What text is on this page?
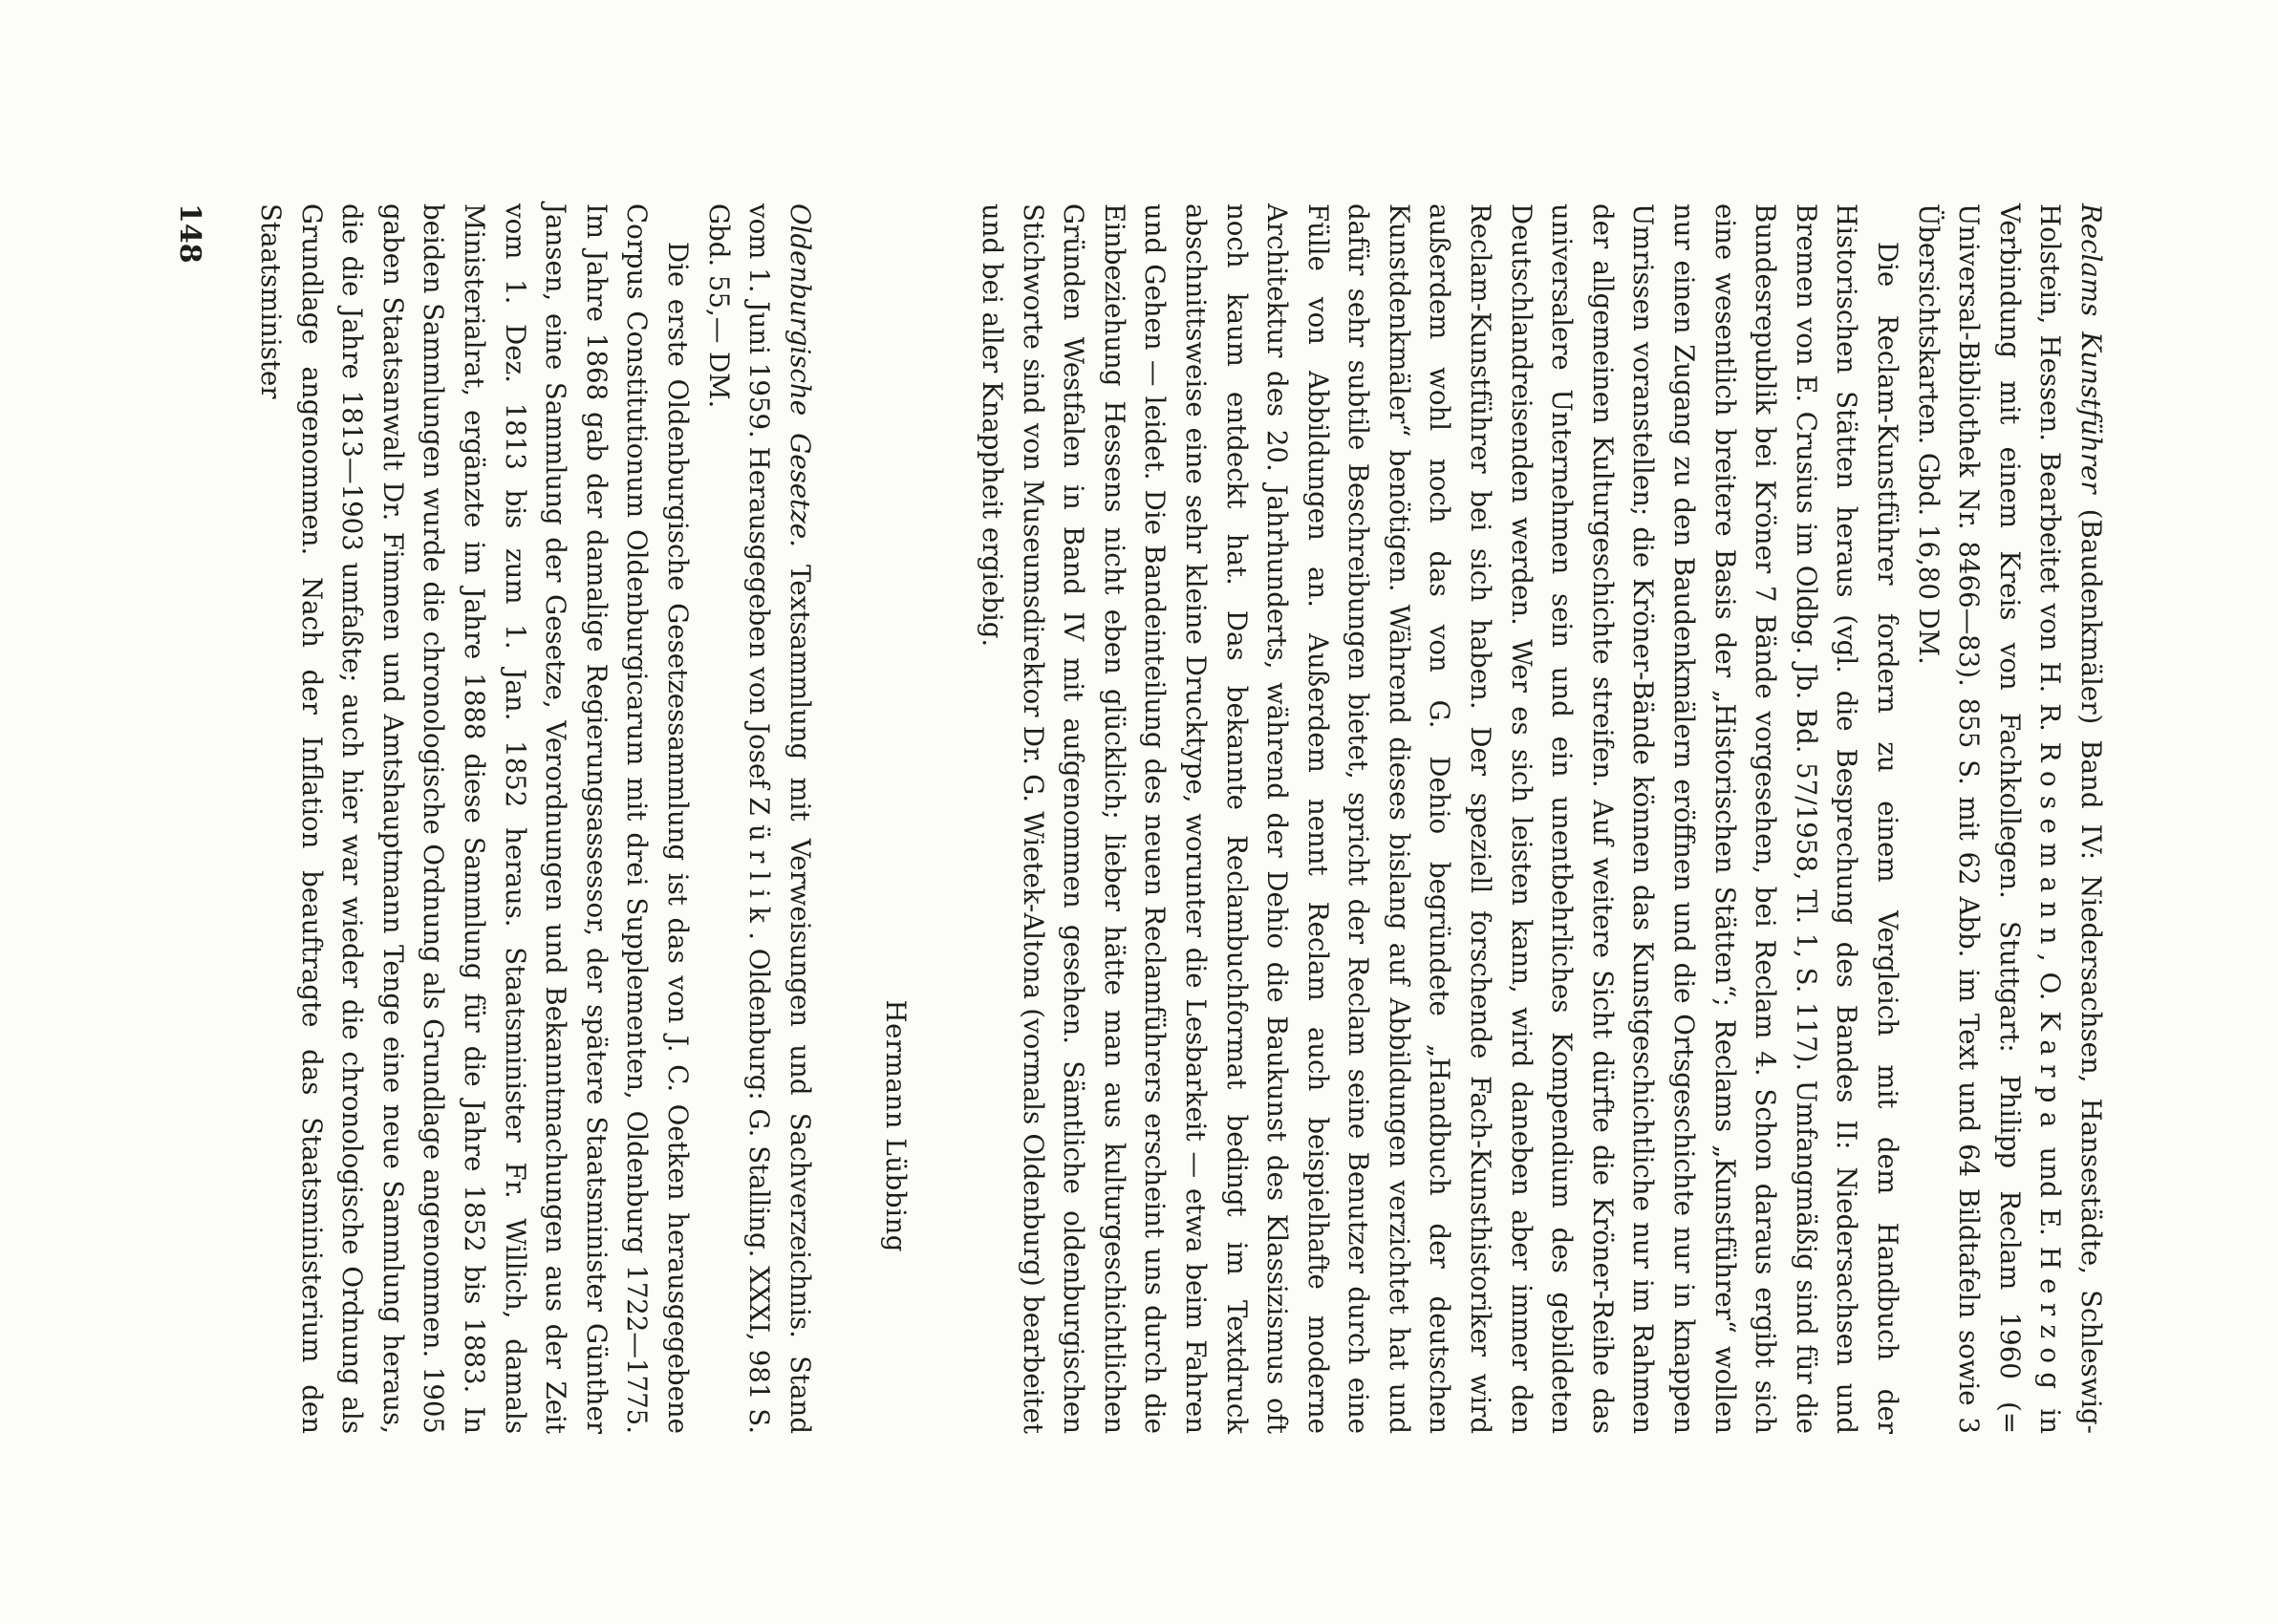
Reclams Kunstführer (Baudenkmäler) Band IV: Niedersachsen, Hansestädte, Schleswig-Holstein, Hessen. Bearbeitet von H. R. Rosemann, O. Karpa und E. Herzog in Verbindung mit einem Kreis von Fachkollegen. Stuttgart: Philipp Reclam 1960 (= Universal-Bibliothek Nr. 8466—83). 855 S. mit 62 Abb. im Text und 64 Bildtafeln sowie 3 Übersichtskarten. Gbd. 16,80 DM.

Die Reclam-Kunstführer fordern zu einem Vergleich mit dem Handbuch der Historischen Stätten heraus (vgl. die Besprechung des Bandes II: Niedersachsen und Bremen von E. Crusius im Oldbg. Jb. Bd. 57/1958, Tl. 1, S. 117). Umfangmäßig sind für die Bundesrepublik bei Kröner 7 Bände vorgesehen, bei Reclam 4. Schon daraus ergibt sich eine wesentlich breitere Basis der „Historischen Stätten“; Reclams „Kunstführer“ wollen nur einen Zugang zu den Baudenkmälern eröffnen und die Ortsgeschichte nur in knappen Umrissen voranstellen; die Kröner-Bände können das Kunstgeschichtliche nur im Rahmen der allgemeinen Kulturgeschichte streifen. Auf weitere Sicht dürfte die Kröner-Reihe das universalere Unternehmen sein und ein unentbehrliches Kompendium des gebildeten Deutschlandreisenden werden. Wer es sich leisten kann, wird daneben aber immer den Reclam-Kunstführer bei sich haben. Der speziell forschende Fach-Kunsthistoriker wird außerdem wohl noch das von G. Dehio begründete „Handbuch der deutschen Kunstdenkmäler“ benötigen. Während dieses bislang auf Abbildungen verzichtet hat und dafür sehr subtile Beschreibungen bietet, spricht der Reclam seine Benutzer durch eine Fülle von Abbildungen an. Außerdem nennt Reclam auch beispielhafte moderne Architektur des 20. Jahrhunderts, während der Dehio die Baukunst des Klassizismus oft noch kaum entdeckt hat. Das bekannte Reclambuchformat bedingt im Textdruck abschnittsweise eine sehr kleine Drucktype, worunter die Lesbarkeit — etwa beim Fahren und Gehen — leidet. Die Bandeinteilung des neuen Reclamführers erscheint uns durch die Einbeziehung Hessens nicht eben glücklich; lieber hätte man aus kulturgeschichtlichen Gründen Westfalen in Band IV mit aufgenommen gesehen. Sämtliche oldenburgischen Stichworte sind von Museumsdirektor Dr. G. Wietek-Altona (vormals Oldenburg) bearbeitet und bei aller Knappheit ergiebig.

Hermann Lübbing

Oldenburgische Gesetze. Textsammlung mit Verweisungen und Sachverzeichnis. Stand vom 1. Juni 1959. Herausgegeben von Josef Zürlik. Oldenburg: G. Stalling. XXXI, 981 S. Gbd. 55,— DM.

Die erste Oldenburgische Gesetzessammlung ist das von J. C. Oetken herausgegebene Corpus Constitutionum Oldenburgicarum mit drei Supplementen, Oldenburg 1722—1775. Im Jahre 1868 gab der damalige Regierungsassessor, der spätere Staatsminister Günther Jansen, eine Sammlung der Gesetze, Verordnungen und Bekanntmachungen aus der Zeit vom 1. Dez. 1813 bis zum 1. Jan. 1852 heraus. Staatsminister Fr. Willich, damals Ministerialrat, ergänzte im Jahre 1888 diese Sammlung für die Jahre 1852 bis 1883. In beiden Sammlungen wurde die chronologische Ordnung als Grundlage angenommen. 1905 gaben Staatsanwalt Dr. Fimmen und Amtshauptmann Tenge eine neue Sammlung heraus, die die Jahre 1813—1903 umfaßte; auch hier war wieder die chronologische Ordnung als Grundlage angenommen. Nach der Inflation beauftragte das Staatsministerium den Staatsminister

148
